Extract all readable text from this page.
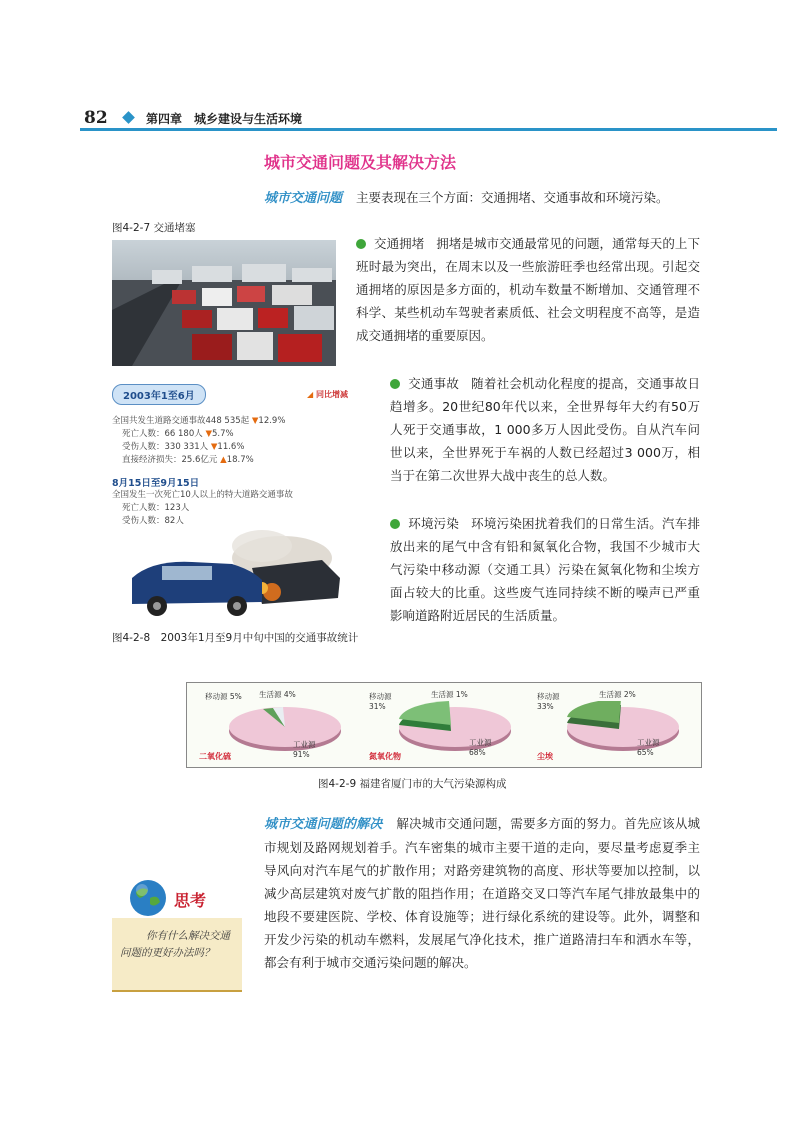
82	第四章　城乡建设与生活环境
城市交通问题及其解决方法
城市交通问题 主要表现在三个方面：交通拥堵、交通事故和环境污染。
图4-2-7 交通堵塞
交通拥堵 拥堵是城市交通最常见的问题，通常每天的上下班时最为突出，在周末以及一些旅游旺季也经常出现。引起交通拥堵的原因是多方面的，机动车数量不断增加、交通管理不科学、某些机动车驾驶者素质低、社会文明程度不高等，是造成交通拥堵的重要原因。
交通事故 随着社会机动化程度的提高，交通事故日趋增多。20世纪80年代以来，全世界每年大约有50万人死于交通事故，1 000多万人因此受伤。自从汽车问世以来，全世界死于车祸的人数已经超过3 000万，相当于在第二次世界大战中丧生的总人数。
环境污染 环境污染困扰着我们的日常生活。汽车排放出来的尾气中含有铅和氮氧化合物，我国不少城市大气污染中移动源（交通工具）污染在氮氧化物和尘埃方面占较大的比重。这些废气连同持续不断的噪声已严重影响道路附近居民的生活质量。
2003年1至6月	◢ 同比增减
全国共发生道路交通事故448 535起 ▼12.9%
死亡人数：66 180人 ▼5.7%
受伤人数：330 331人 ▼11.6%
直接经济损失：25.6亿元 ▲18.7%
8月15日至9月15日
全国发生一次死亡10人以上的特大道路交通事故
死亡人数：123人
受伤人数：82人
图4-2-8　2003年1月至9月中旬中国的交通事故统计
移动源 5%	生活源 4%
工业源 91%
二氧化硫
移动源 31%
生活源 1%
工业源 68%
氮氧化物
移动源 33%
生活源 2%
工业源 65%
尘埃
图4-2-9 福建省厦门市的大气污染源构成
城市交通问题的解决 解决城市交通问题，需要多方面的努力。首先应该从城市规划及路网规划着手。汽车密集的城市主要干道的走向，要尽量考虑夏季主导风向对汽车尾气的扩散作用；对路旁建筑物的高度、形状等要加以控制，以减少高层建筑对废气扩散的阻挡作用；在道路交叉口等汽车尾气排放最集中的地段不要建医院、学校、体育设施等；进行绿化系统的建设等。此外，调整和开发少污染的机动车燃料，发展尾气净化技术，推广道路清扫车和洒水车等，都会有利于城市交通污染问题的解决。
思考
你有什么解决交通问题的更好办法吗？
